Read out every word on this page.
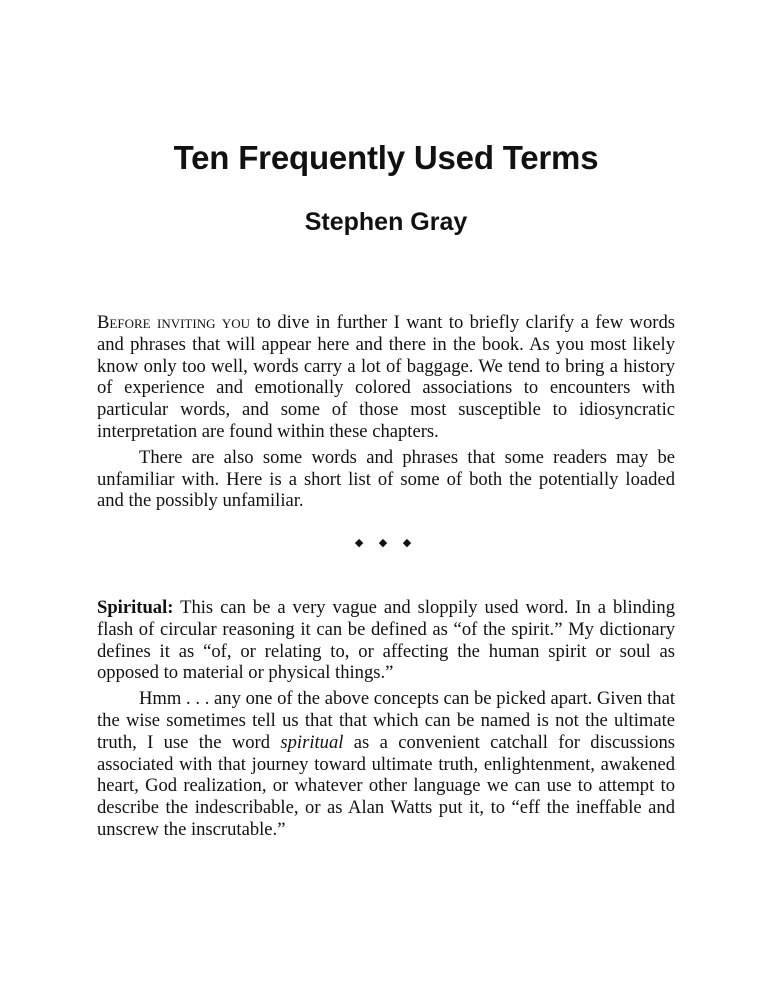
Ten Frequently Used Terms
Stephen Gray

Before inviting you to dive in further I want to briefly clarify a few words and phrases that will appear here and there in the book. As you most likely know only too well, words carry a lot of baggage. We tend to bring a history of experience and emotionally colored associations to encounters with particular words, and some of those most susceptible to idiosyncratic interpretation are found within these chapters.

There are also some words and phrases that some readers may be unfamiliar with. Here is a short list of some of both the potentially loaded and the possibly unfamiliar.

◆ ◆ ◆

Spiritual: This can be a very vague and sloppily used word. In a blinding flash of circular reasoning it can be defined as “of the spirit.” My dictionary defines it as “of, or relating to, or affecting the human spirit or soul as opposed to material or physical things.”

Hmm . . . any one of the above concepts can be picked apart. Given that the wise sometimes tell us that that which can be named is not the ultimate truth, I use the word spiritual as a convenient catchall for discussions associated with that journey toward ultimate truth, enlightenment, awakened heart, God realization, or whatever other language we can use to attempt to describe the indescribable, or as Alan Watts put it, to “eff the ineffable and unscrew the inscrutable.”
